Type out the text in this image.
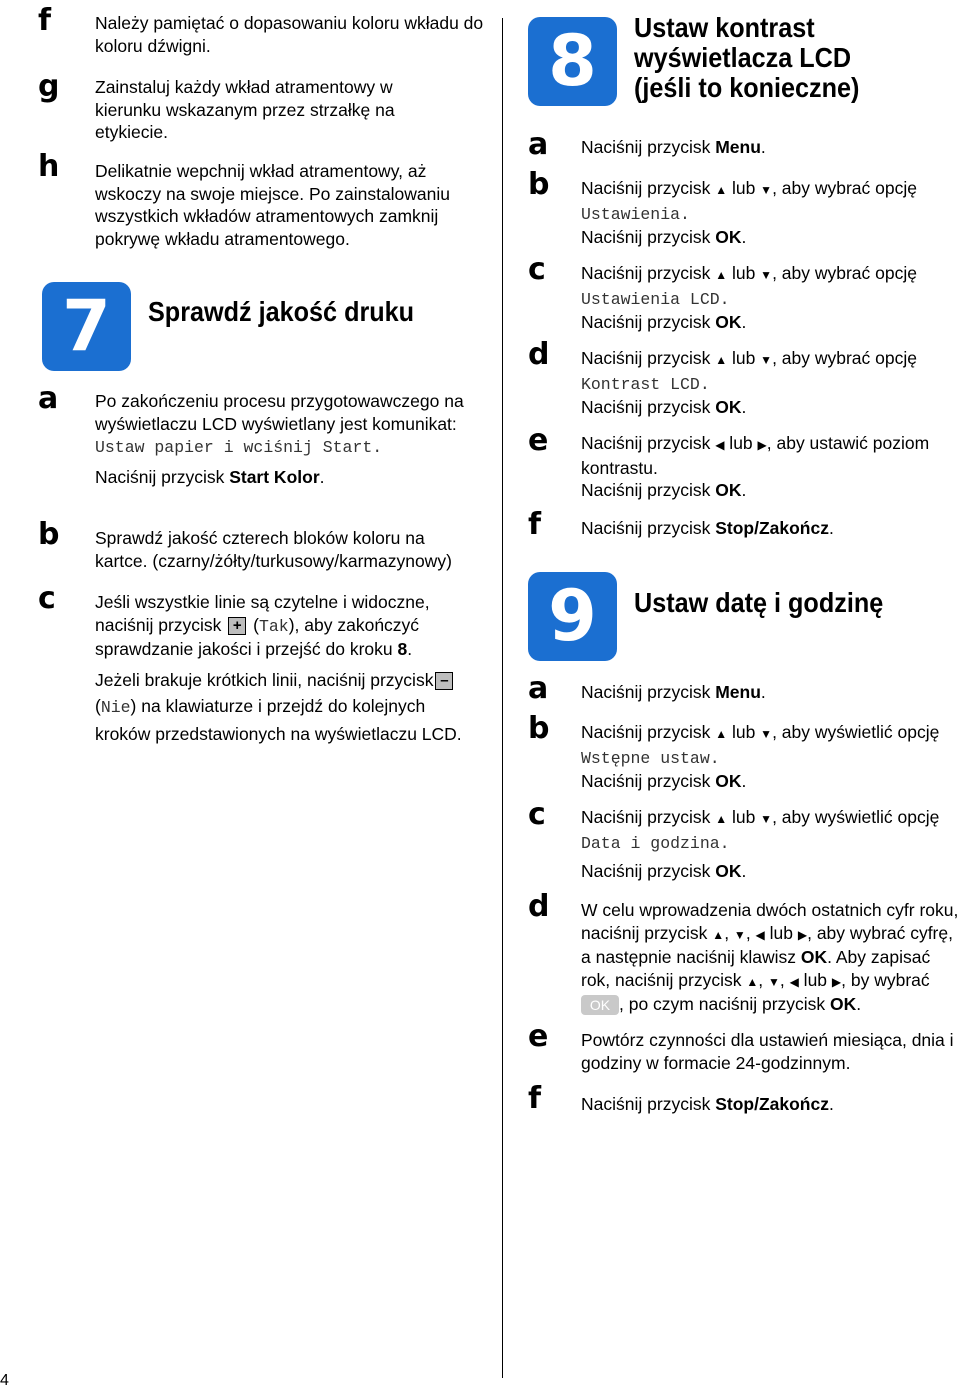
f	Należy pamiętać o dopasowaniu koloru wkładu do koloru dźwigni.
g Zainstaluj każdy wkład atramentowy w kierunku wskazanym przez strzałkę na etykiecie.
h Delikatnie wepchnij wkład atramentowy, aż wskoczy na swoje miejsce. Po zainstalowaniu wszystkich wkładów atramentowych zamknij pokrywę wkładu atramentowego.
7	Sprawdź jakość druku
a Po zakończeniu procesu przygotowawczego na wyświetlaczu LCD wyświetlany jest komunikat: Ustaw papier i wciśnij Start.
Naciśnij przycisk Start Kolor.
b Sprawdź jakość czterech bloków koloru na kartce. (czarny/żółty/turkusowy/karmazynowy)
c Jeśli wszystkie linie są czytelne i widoczne, naciśnij przycisk + (Tak), aby zakończyć sprawdzanie jakości i przejść do kroku 8.
Jeżeli brakuje krótkich linii, naciśnij przycisk – (Nie) na klawiaturze i przejdź do kolejnych kroków przedstawionych na wyświetlaczu LCD.
8	Ustaw kontrast
wyświetlacza LCD
(jeśli to konieczne)
a Naciśnij przycisk Menu.
b Naciśnij przycisk ▲ lub ▼, aby wybrać opcję
Ustawienia.
Naciśnij przycisk OK.
c Naciśnij przycisk ▲ lub ▼, aby wybrać opcję
Ustawienia LCD.
Naciśnij przycisk OK.
d Naciśnij przycisk ▲ lub ▼, aby wybrać opcję
Kontrast LCD.
Naciśnij przycisk OK.
e Naciśnij przycisk ◀ lub ▶, aby ustawić poziom kontrastu.
Naciśnij przycisk OK.
f Naciśnij przycisk Stop/Zakończ.
9	Ustaw datę i godzinę
a Naciśnij przycisk Menu.
b Naciśnij przycisk ▲ lub ▼, aby wyświetlić opcję
Wstępne ustaw.
Naciśnij przycisk OK.
c Naciśnij przycisk ▲ lub ▼, aby wyświetlić opcję
Data i godzina.
Naciśnij przycisk OK.
d W celu wprowadzenia dwóch ostatnich cyfr roku, naciśnij przycisk ▲, ▼, ◀ lub ▶, aby wybrać cyfrę, a następnie naciśnij klawisz OK. Aby zapisać rok, naciśnij przycisk ▲, ▼, ◀ lub ▶, by wybrać OK , po czym naciśnij przycisk OK.
e Powtórz czynności dla ustawień miesiąca, dnia i godziny w formacie 24-godzinnym.
f Naciśnij przycisk Stop/Zakończ.
4
